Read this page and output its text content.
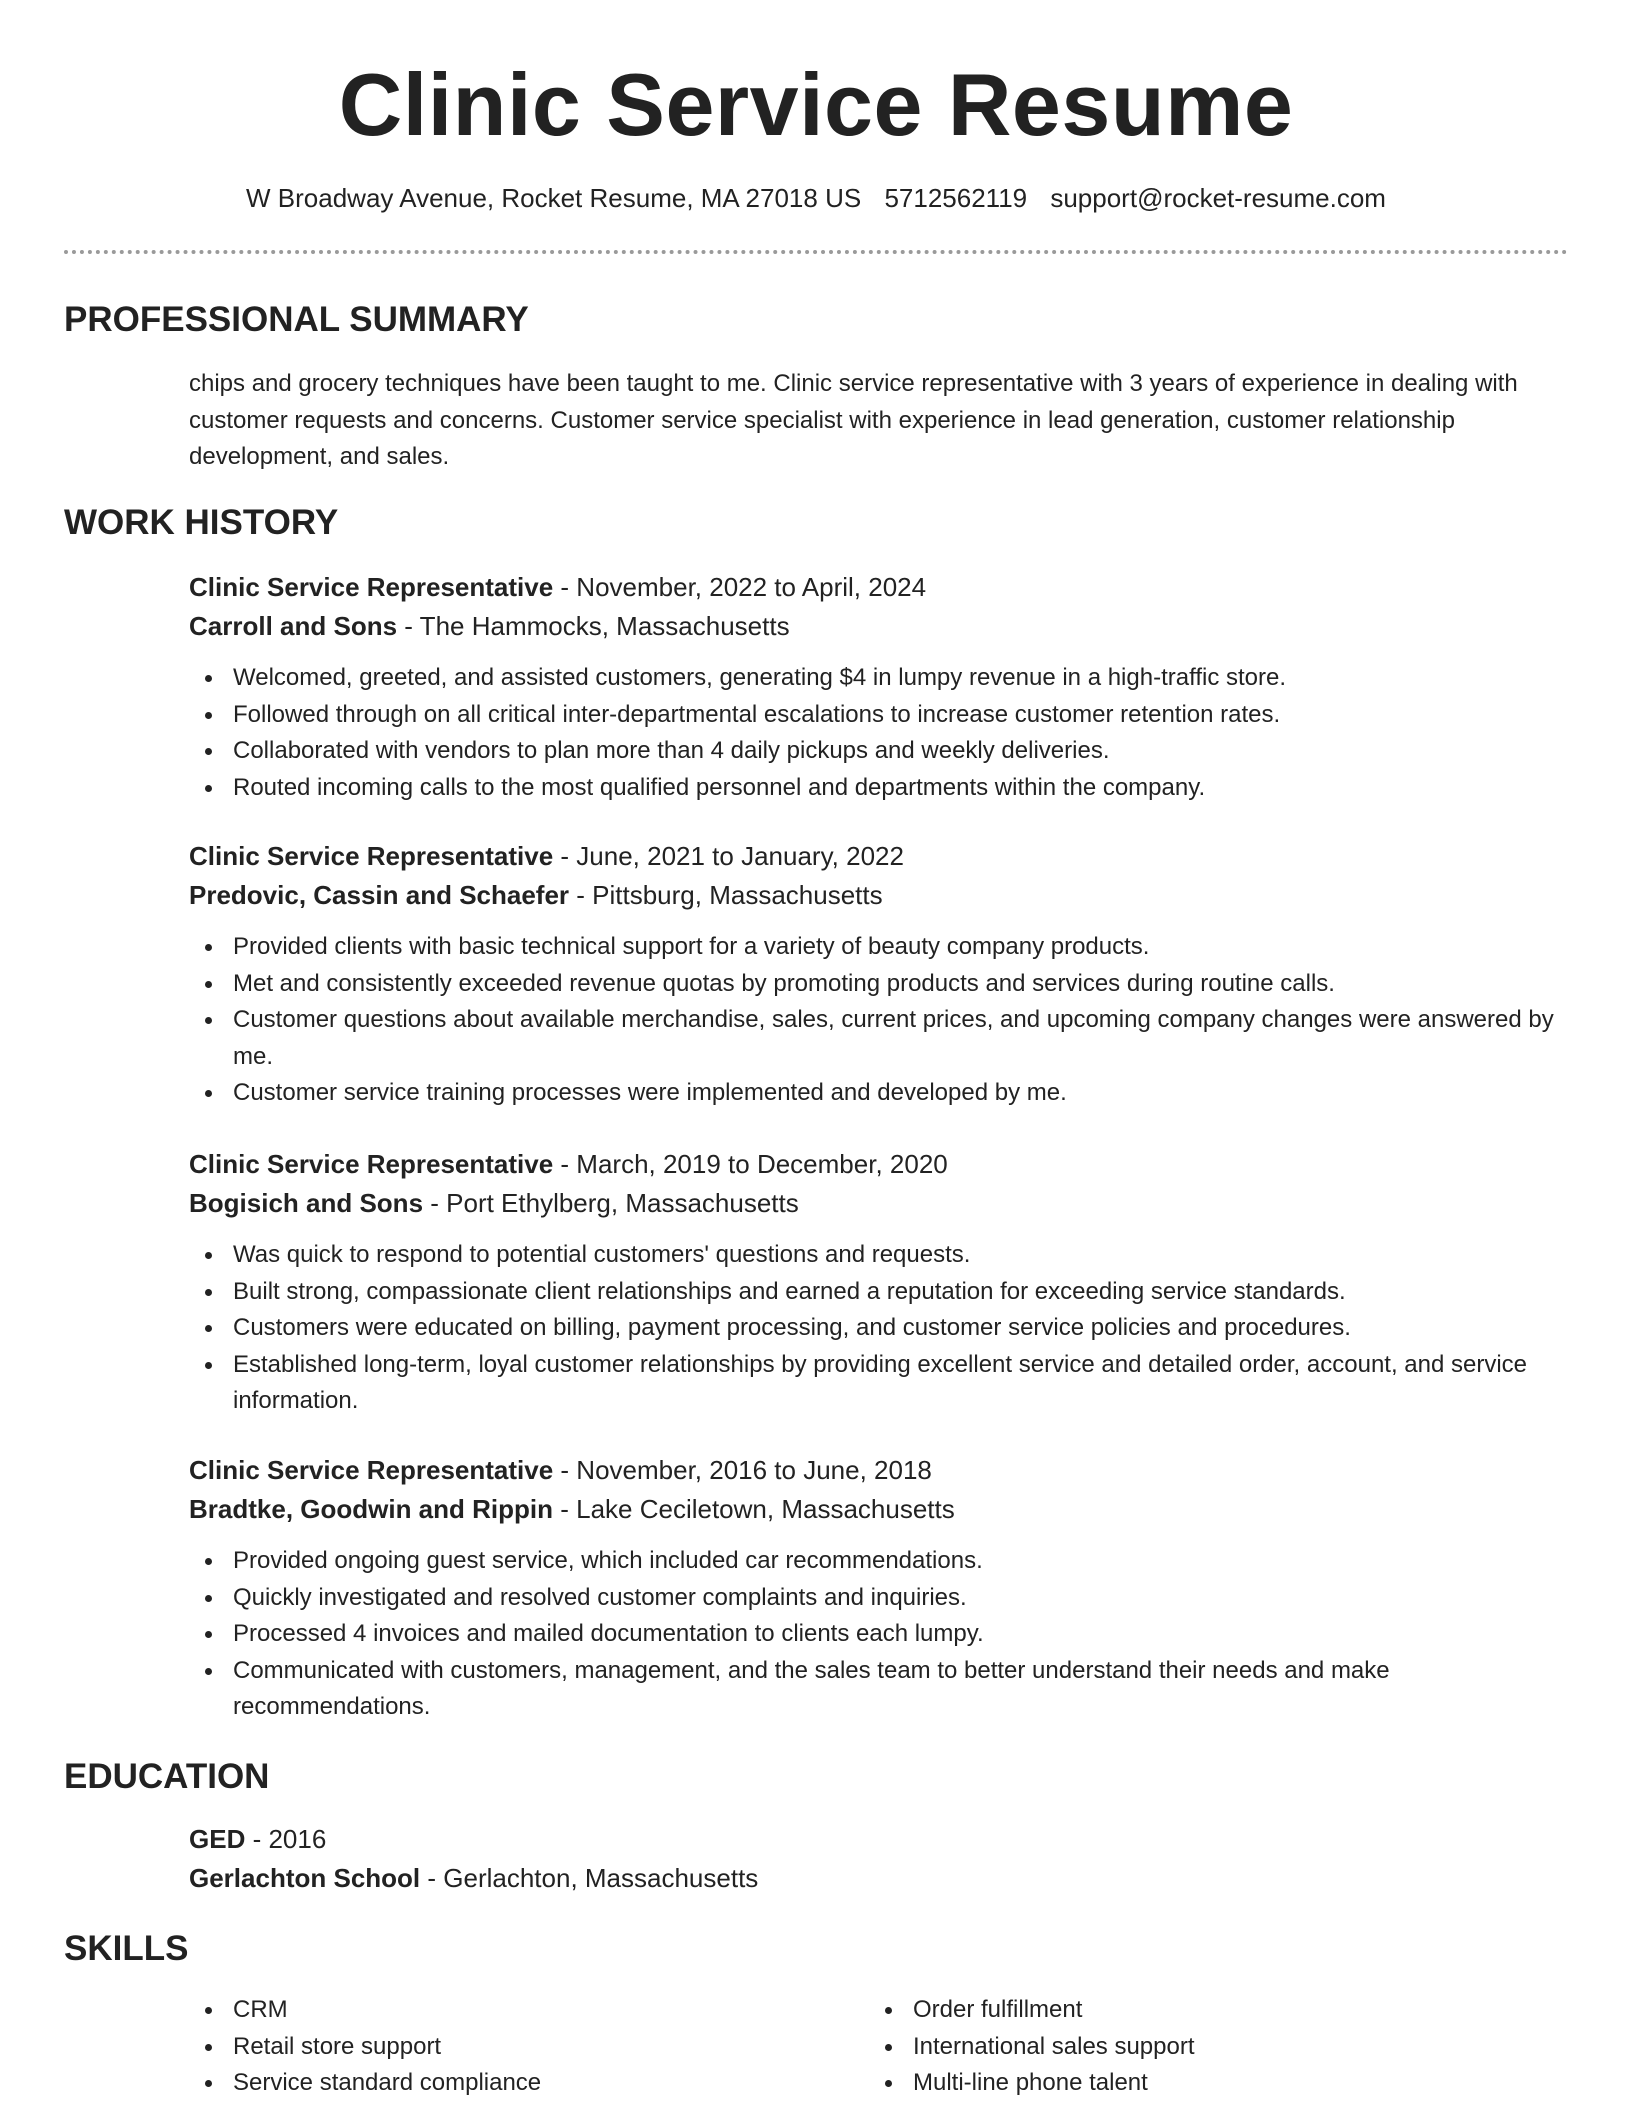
Clinic Service Resume
W Broadway Avenue, Rocket Resume, MA 27018 US 5712562119 support@rocket-resume.com
PROFESSIONAL SUMMARY

chips and grocery techniques have been taught to me. Clinic service representative with 3 years of experience in dealing with customer requests and concerns. Customer service specialist with experience in lead generation, customer relationship development, and sales.

WORK HISTORY
Clinic Service Representative - November, 2022 to April, 2024
Carroll and Sons - The Hammocks, Massachusetts
Welcomed, greeted, and assisted customers, generating $4 in lumpy revenue in a high-traffic store.
Followed through on all critical inter-departmental escalations to increase customer retention rates.
Collaborated with vendors to plan more than 4 daily pickups and weekly deliveries.
Routed incoming calls to the most qualified personnel and departments within the company.
Clinic Service Representative - June, 2021 to January, 2022
Predovic, Cassin and Schaefer - Pittsburg, Massachusetts
Provided clients with basic technical support for a variety of beauty company products.
Met and consistently exceeded revenue quotas by promoting products and services during routine calls.
Customer questions about available merchandise, sales, current prices, and upcoming company changes were answered by me.
Customer service training processes were implemented and developed by me.
Clinic Service Representative - March, 2019 to December, 2020
Bogisich and Sons - Port Ethylberg, Massachusetts
Was quick to respond to potential customers' questions and requests.
Built strong, compassionate client relationships and earned a reputation for exceeding service standards.
Customers were educated on billing, payment processing, and customer service policies and procedures.
Established long-term, loyal customer relationships by providing excellent service and detailed order, account, and service information.
Clinic Service Representative - November, 2016 to June, 2018
Bradtke, Goodwin and Rippin - Lake Ceciletown, Massachusetts
Provided ongoing guest service, which included car recommendations.
Quickly investigated and resolved customer complaints and inquiries.
Processed 4 invoices and mailed documentation to clients each lumpy.
Communicated with customers, management, and the sales team to better understand their needs and make recommendations.
EDUCATION
GED - 2016
Gerlachton School - Gerlachton, Massachusetts
SKILLS
CRM
Retail store support
Service standard compliance
Order fulfillment
International sales support
Multi-line phone talent
